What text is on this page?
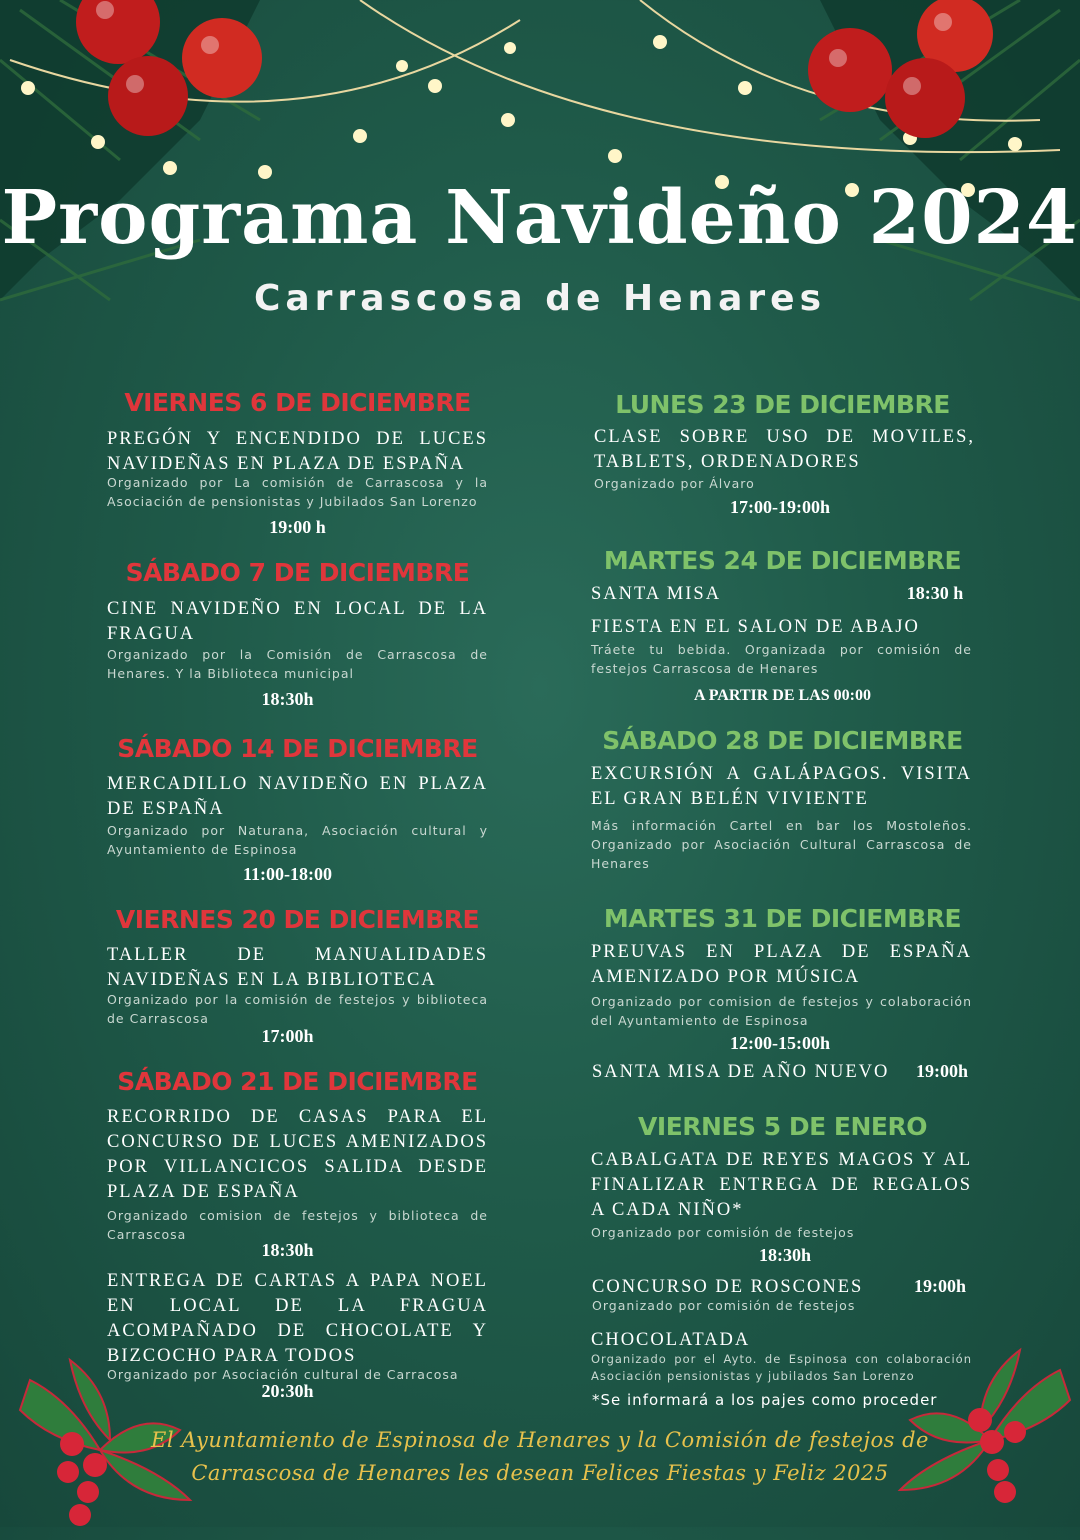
Programa Navideño 2024
Carrascosa de Henares
VIERNES 6 DE DICIEMBRE
PREGÓN Y ENCENDIDO DE LUCES NAVIDEÑAS EN PLAZA DE ESPAÑA
Organizado por La comisión de Carrascosa y la Asociación de pensionistas y Jubilados San Lorenzo
19:00 h
SÁBADO 7 DE DICIEMBRE
CINE NAVIDEÑO EN LOCAL DE LA FRAGUA
Organizado por la Comisión de Carrascosa de Henares. Y la Biblioteca municipal
18:30h
SÁBADO 14 DE DICIEMBRE
MERCADILLO NAVIDEÑO EN PLAZA DE ESPAÑA
Organizado por Naturana, Asociación cultural y Ayuntamiento de Espinosa
11:00-18:00
VIERNES 20 DE DICIEMBRE
TALLER DE MANUALIDADES NAVIDEÑAS EN LA BIBLIOTECA
Organizado por la comisión de festejos y biblioteca de Carrascosa
17:00h
SÁBADO 21 DE DICIEMBRE
RECORRIDO DE CASAS PARA EL CONCURSO DE LUCES AMENIZADOS POR VILLANCICOS SALIDA DESDE PLAZA DE ESPAÑA
Organizado comision de festejos y biblioteca de Carrascosa
18:30h
ENTREGA DE CARTAS A PAPA NOEL EN LOCAL DE LA FRAGUA ACOMPAÑADO DE CHOCOLATE Y BIZCOCHO PARA TODOS
Organizado por Asociación cultural de Carracosa
20:30h
LUNES 23 DE DICIEMBRE
CLASE SOBRE USO DE MOVILES, TABLETS, ORDENADORES
Organizado por Álvaro
17:00-19:00h
MARTES 24 DE DICIEMBRE
SANTA MISA	18:30 h
FIESTA EN EL SALON DE ABAJO
Tráete tu bebida. Organizada por comisión de festejos Carrascosa de Henares
A PARTIR DE LAS 00:00
SÁBADO 28 DE DICIEMBRE
EXCURSIÓN A GALÁPAGOS. VISITA EL GRAN BELÉN VIVIENTE
Más información Cartel en bar los Mostoleños. Organizado por Asociación Cultural Carrascosa de Henares
MARTES 31 DE DICIEMBRE
PREUVAS EN PLAZA DE ESPAÑA AMENIZADO POR MÚSICA
Organizado por comision de festejos y colaboración del Ayuntamiento de Espinosa
12:00-15:00h
SANTA MISA DE AÑO NUEVO	19:00h
VIERNES 5 DE ENERO
CABALGATA DE REYES MAGOS Y AL FINALIZAR ENTREGA DE REGALOS A CADA NIÑO*
Organizado por comisión de festejos
18:30h
CONCURSO DE ROSCONES	19:00h
Organizado por comisión de festejos
CHOCOLATADA
Organizado por el Ayto. de Espinosa con colaboración Asociación pensionistas y jubilados San Lorenzo
*Se informará a los pajes como proceder
El Ayuntamiento de Espinosa de Henares y la Comisión de festejos de
Carrascosa de Henares les desean Felices Fiestas y Feliz 2025
